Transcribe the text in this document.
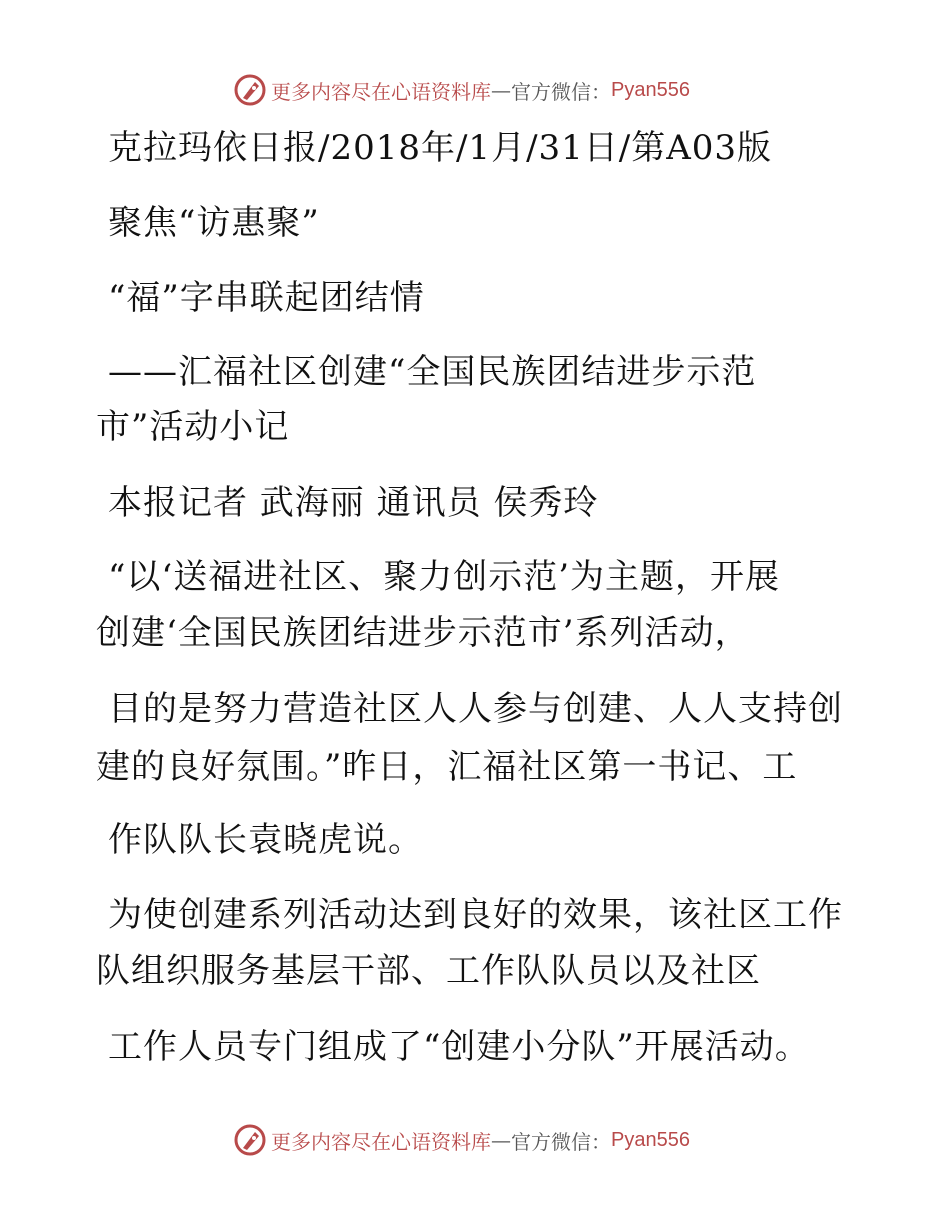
更多内容尽在心语资料库 — 官方微信： Pyan556
克拉玛依日报/2018年/1月/31日/第A03版
聚焦“访惠聚”
“福”字串联起团结情
——汇福社区创建“全国民族团结进步示范
市”活动小记
本报记者 武海丽 通讯员 侯秀玲
“以‘送福进社区、聚力创示范’为主题，开展
创建‘全国民族团结进步示范市’系列活动，
目的是努力营造社区人人参与创建、人人支持创
建的良好氛围。”昨日，汇福社区第一书记、工
作队队长袁晓虎说。
为使创建系列活动达到良好的效果，该社区工作
队组织服务基层干部、工作队队员以及社区
工作人员专门组成了“创建小分队”开展活动。
更多内容尽在心语资料库 — 官方微信： Pyan556
